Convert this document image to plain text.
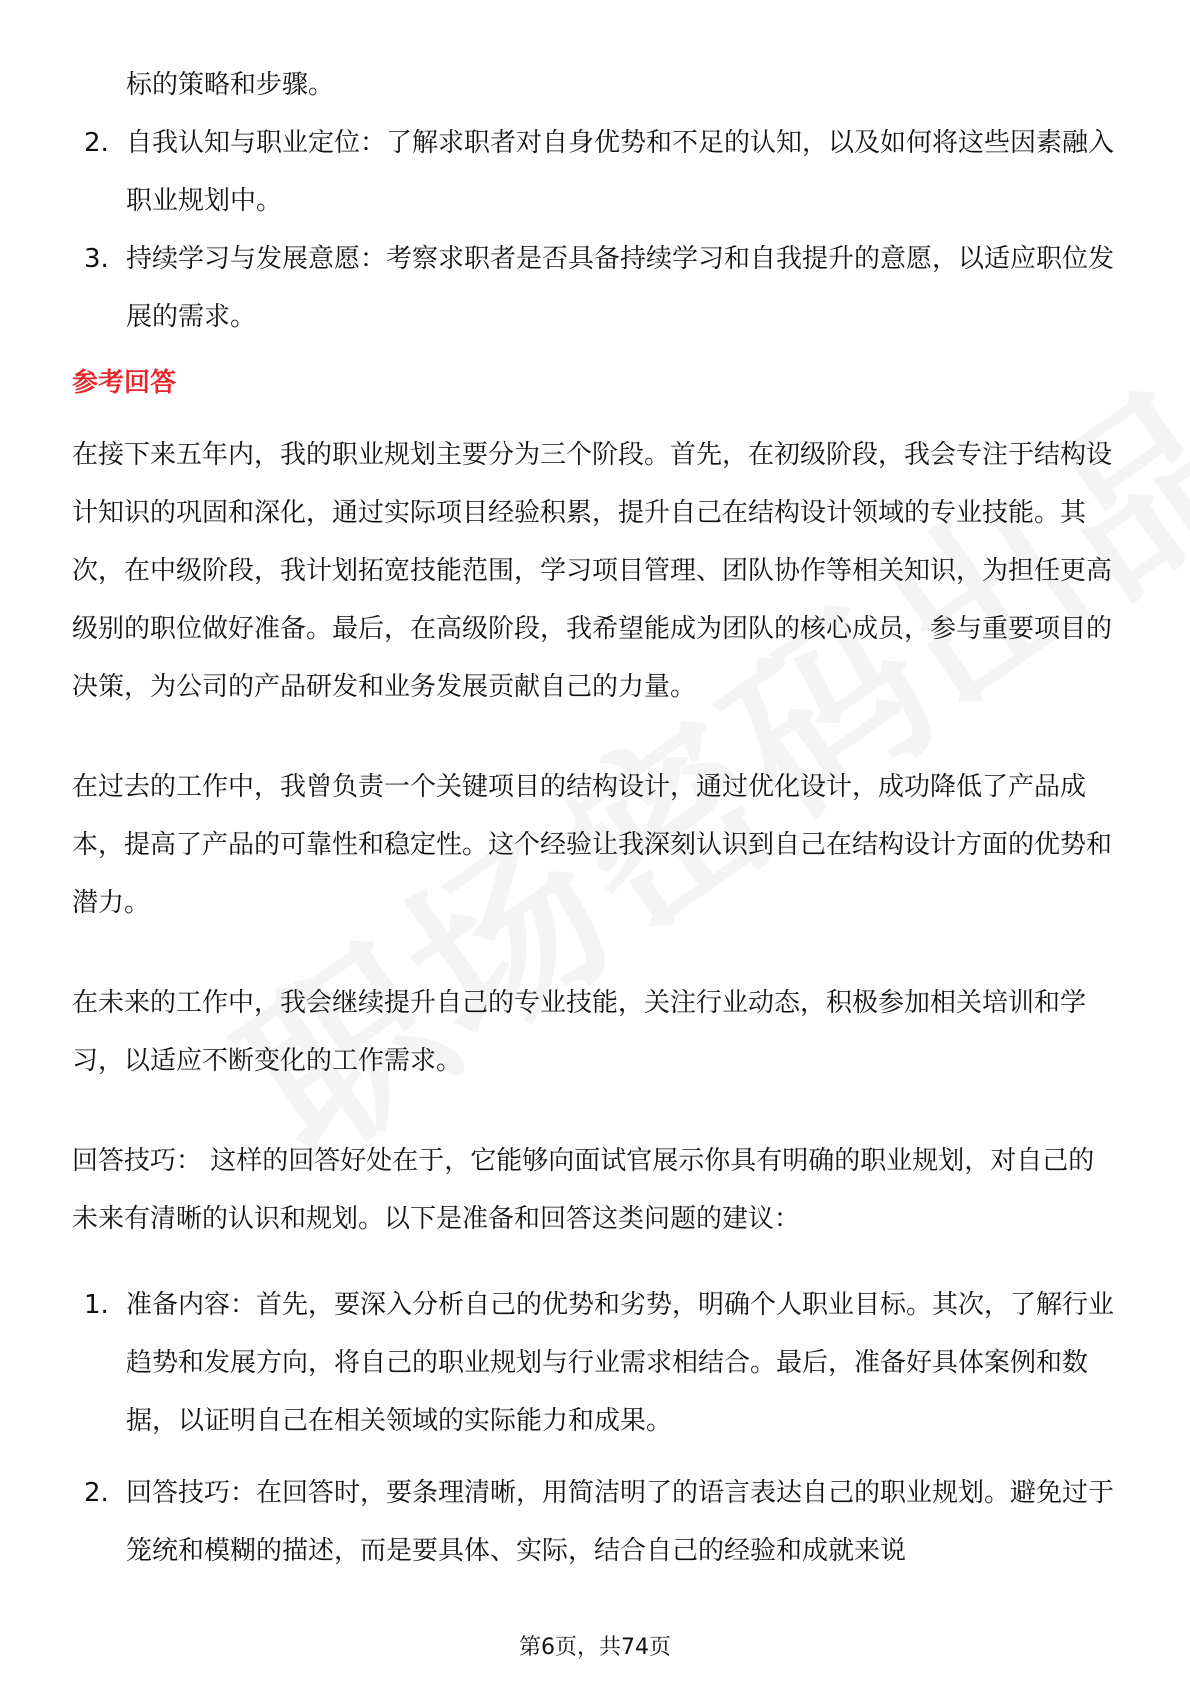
标的策略和步骤。
2. 自我认知与职业定位：了解求职者对自身优势和不足的认知，以及如何将这些因素融入职业规划中。
3. 持续学习与发展意愿：考察求职者是否具备持续学习和自我提升的意愿，以适应职位发展的需求。
参考回答
在接下来五年内，我的职业规划主要分为三个阶段。首先，在初级阶段，我会专注于结构设计知识的巩固和深化，通过实际项目经验积累，提升自己在结构设计领域的专业技能。其次，在中级阶段，我计划拓宽技能范围，学习项目管理、团队协作等相关知识，为担任更高级别的职位做好准备。最后，在高级阶段，我希望能成为团队的核心成员，参与重要项目的决策，为公司的产品研发和业务发展贡献自己的力量。
在过去的工作中，我曾负责一个关键项目的结构设计，通过优化设计，成功降低了产品成本，提高了产品的可靠性和稳定性。这个经验让我深刻认识到自己在结构设计方面的优势和潜力。
在未来的工作中，我会继续提升自己的专业技能，关注行业动态，积极参加相关培训和学习，以适应不断变化的工作需求。
回答技巧： 这样的回答好处在于，它能够向面试官展示你具有明确的职业规划，对自己的未来有清晰的认识和规划。以下是准备和回答这类问题的建议：
1. 准备内容：首先，要深入分析自己的优势和劣势，明确个人职业目标。其次，了解行业趋势和发展方向，将自己的职业规划与行业需求相结合。最后，准备好具体案例和数据，以证明自己在相关领域的实际能力和成果。
2. 回答技巧：在回答时，要条理清晰，用简洁明了的语言表达自己的职业规划。避免过于笼统和模糊的描述，而是要具体、实际，结合自己的经验和成就来说
第6页，共74页
